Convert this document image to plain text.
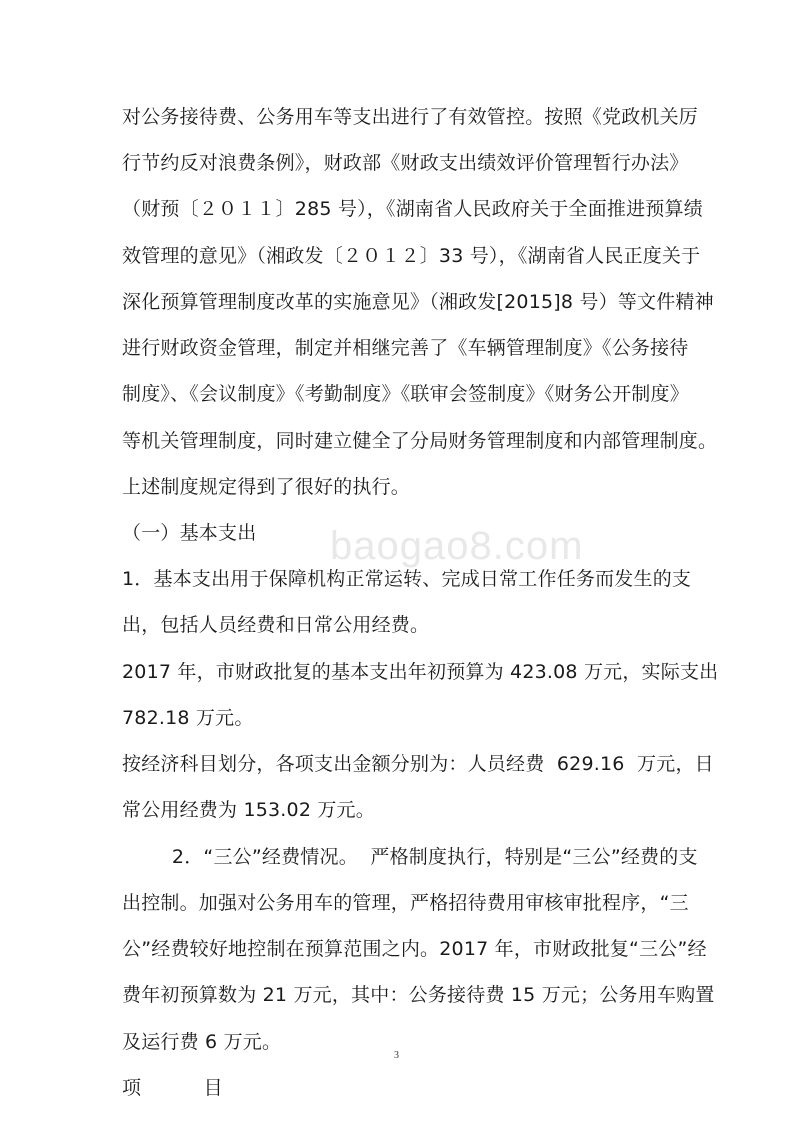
baogao8.com
对公务接待费、公务用车等支出进行了有效管控。按照《党政机关厉
行节约反对浪费条例》，财政部《财政支出绩效评价管理暂行办法》
（财预〔２０１１〕285 号），《湖南省人民政府关于全面推进预算绩
效管理的意见》（湘政发〔２０１２〕33 号），《湖南省人民正度关于
深化预算管理制度改革的实施意见》（湘政发[2015]8 号）等文件精神
进行财政资金管理，制定并相继完善了《车辆管理制度》《公务接待
制度》、《会议制度》《考勤制度》《联审会签制度》《财务公开制度》
等机关管理制度，同时建立健全了分局财务管理制度和内部管理制度。
上述制度规定得到了很好的执行。
（一）基本支出
1．基本支出用于保障机构正常运转、完成日常工作任务而发生的支
出，包括人员经费和日常公用经费。
2017 年，市财政批复的基本支出年初预算为 423.08 万元，实际支出
782.18 万元。
按经济科目划分，各项支出金额分别为：人员经费  629.16  万元，日
常公用经费为 153.02 万元。
2．“三公”经费情况。  严格制度执行，特别是“三公”经费的支
出控制。加强对公务用车的管理，严格招待费用审核审批程序，“三
公”经费较好地控制在预算范围之内。2017 年，市财政批复“三公”经
费年初预算数为 21 万元，其中：公务接待费 15 万元；公务用车购置
及运行费 6 万元。
项          目
3
